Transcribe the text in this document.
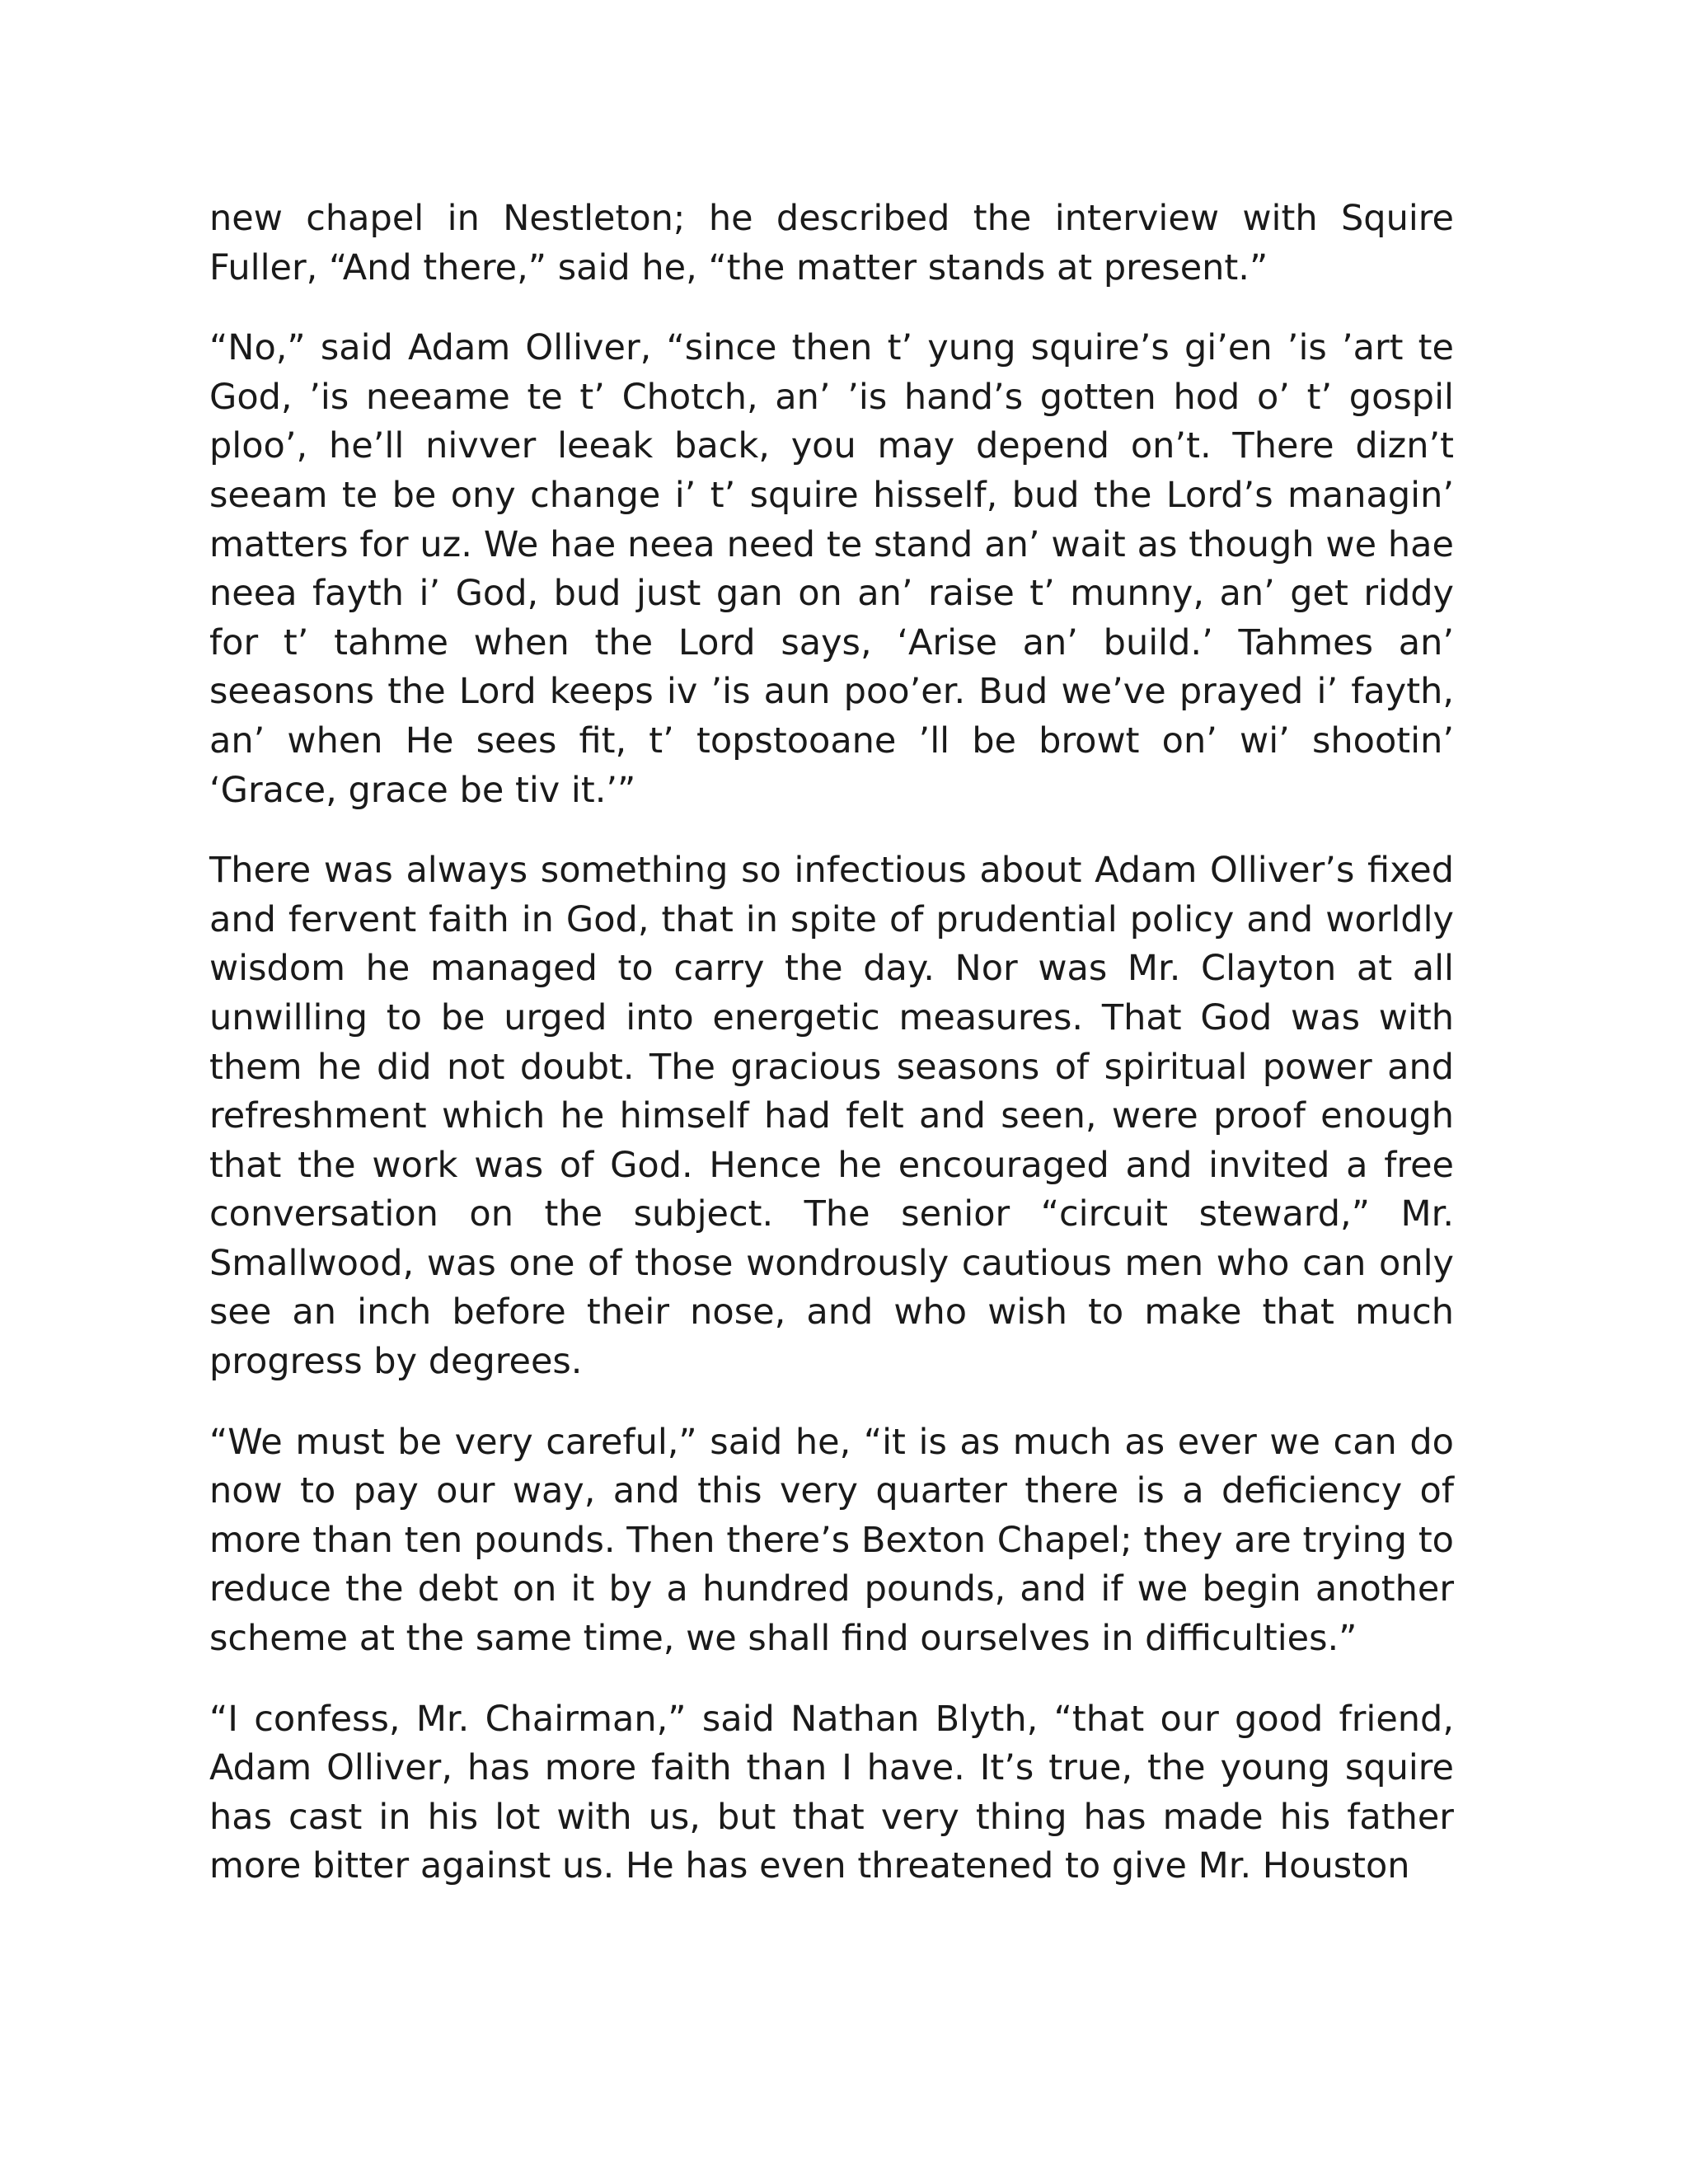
new chapel in Nestleton; he described the interview with Squire Fuller, “And there,” said he, “the matter stands at present.”

“No,” said Adam Olliver, “since then t’ yung squire’s gi’en ’is ’art te God, ’is neeame te t’ Chotch, an’ ’is hand’s gotten hod o’ t’ gospil ploo’, he’ll nivver leeak back, you may depend on’t. There dizn’t seeam te be ony change i’ t’ squire hisself, bud the Lord’s managin’ matters for uz. We hae neea need te stand an’ wait as though we hae neea fayth i’ God, bud just gan on an’ raise t’ munny, an’ get riddy for t’ tahme when the Lord says, ‘Arise an’ build.’ Tahmes an’ seeasons the Lord keeps iv ’is aun poo’er. Bud we’ve prayed i’ fayth, an’ when He sees fit, t’ topstooane ’ll be browt on’ wi’ shootin’ ‘Grace, grace be tiv it.’”

There was always something so infectious about Adam Olliver’s fixed and fervent faith in God, that in spite of prudential policy and worldly wisdom he managed to carry the day. Nor was Mr. Clayton at all unwilling to be urged into energetic measures. That God was with them he did not doubt. The gracious seasons of spiritual power and refreshment which he himself had felt and seen, were proof enough that the work was of God. Hence he encouraged and invited a free conversation on the subject. The senior “circuit steward,” Mr. Smallwood, was one of those wondrously cautious men who can only see an inch before their nose, and who wish to make that much progress by degrees.

“We must be very careful,” said he, “it is as much as ever we can do now to pay our way, and this very quarter there is a deficiency of more than ten pounds. Then there’s Bexton Chapel; they are trying to reduce the debt on it by a hundred pounds, and if we begin another scheme at the same time, we shall find ourselves in difficulties.”

“I confess, Mr. Chairman,” said Nathan Blyth, “that our good friend, Adam Olliver, has more faith than I have. It’s true, the young squire has cast in his lot with us, but that very thing has made his father more bitter against us. He has even threatened to give Mr. Houston
